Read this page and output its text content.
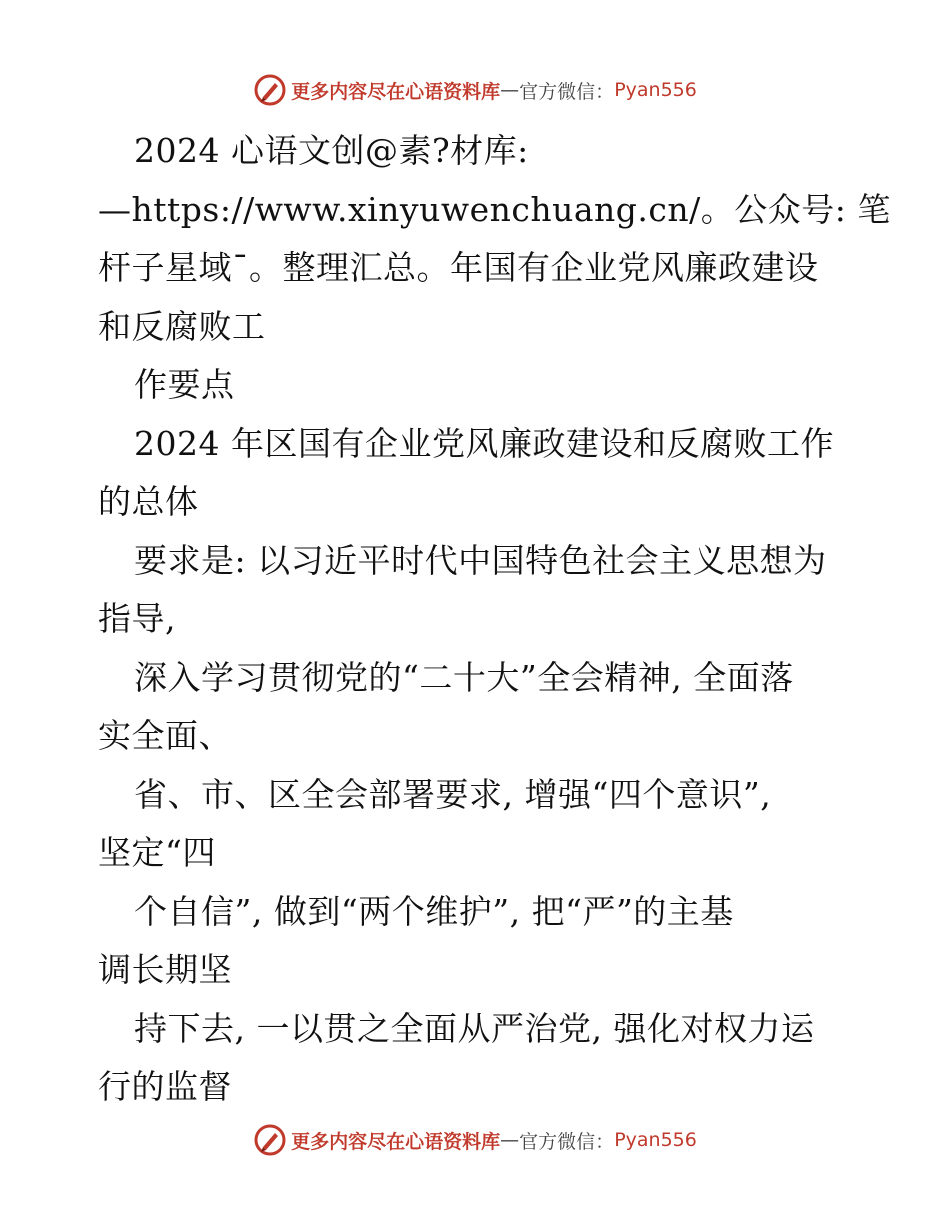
更多内容尽在心语资料库 — 官方微信： Pyan556
2024 心语文创@素?材库:
—https://www.xinyuwenchuang.cn/。公众号: 笔
杆子星域¯。整理汇总。年国有企业党风廉政建设
和反腐败工
作要点
2024 年区国有企业党风廉政建设和反腐败工作
的总体
要求是: 以习近平时代中国特色社会主义思想为
指导,
深入学习贯彻党的“二十大”全会精神, 全面落
实全面、
省、市、区全会部署要求, 增强“四个意识”,
坚定“四
个自信”, 做到“两个维护”, 把“严”的主基
调长期坚
持下去, 一以贯之全面从严治党, 强化对权力运
行的监督
更多内容尽在心语资料库 — 官方微信： Pyan556
